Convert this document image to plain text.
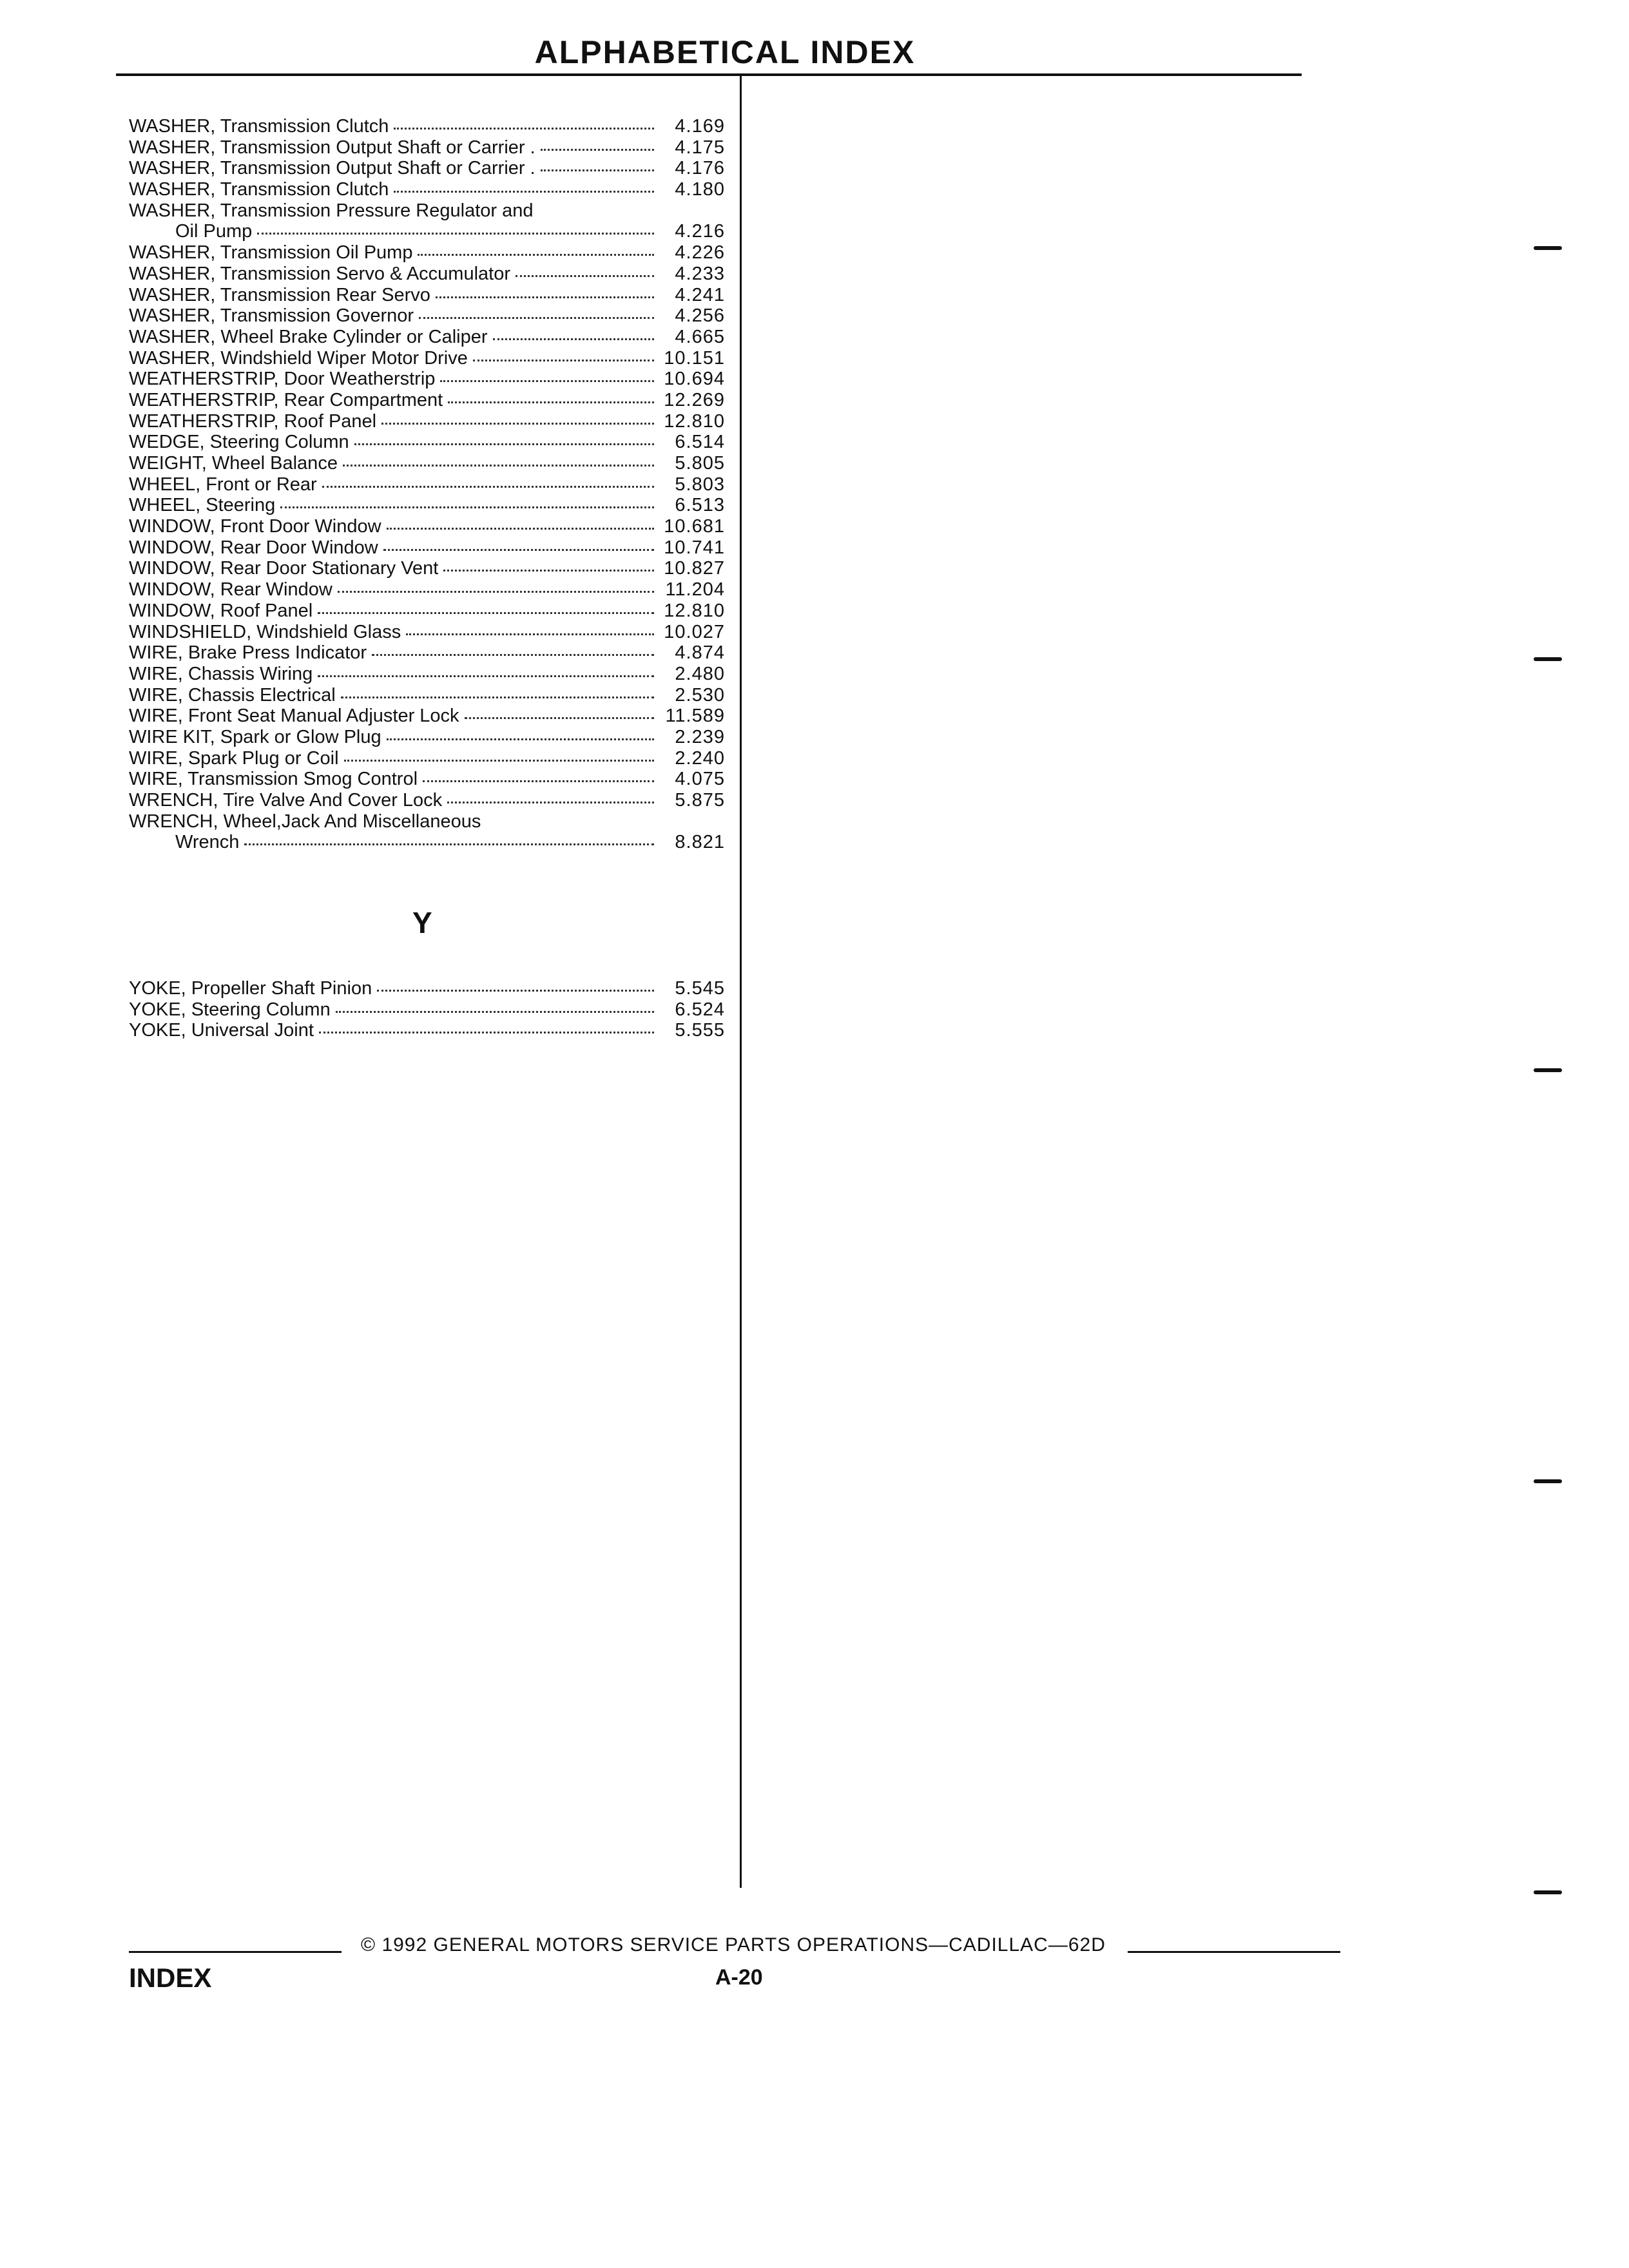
ALPHABETICAL INDEX
WASHER, Transmission Clutch	4.169
WASHER, Transmission Output Shaft or Carrier .	4.175
WASHER, Transmission Output Shaft or Carrier .	4.176
WASHER, Transmission Clutch	4.180
WASHER, Transmission Pressure Regulator and
Oil Pump	4.216
WASHER, Transmission Oil Pump	4.226
WASHER, Transmission Servo & Accumulator	4.233
WASHER, Transmission Rear Servo	4.241
WASHER, Transmission Governor	4.256
WASHER, Wheel Brake Cylinder or Caliper	4.665
WASHER, Windshield Wiper Motor Drive	10.151
WEATHERSTRIP, Door Weatherstrip	10.694
WEATHERSTRIP, Rear Compartment	12.269
WEATHERSTRIP, Roof Panel	12.810
WEDGE, Steering Column	6.514
WEIGHT, Wheel Balance	5.805
WHEEL, Front or Rear	5.803
WHEEL, Steering	6.513
WINDOW, Front Door Window	10.681
WINDOW, Rear Door Window	10.741
WINDOW, Rear Door Stationary Vent	10.827
WINDOW, Rear Window	11.204
WINDOW, Roof Panel	12.810
WINDSHIELD, Windshield Glass	10.027
WIRE, Brake Press Indicator	4.874
WIRE, Chassis Wiring	2.480
WIRE, Chassis Electrical	2.530
WIRE, Front Seat Manual Adjuster Lock	11.589
WIRE KIT, Spark or Glow Plug	2.239
WIRE, Spark Plug or Coil	2.240
WIRE, Transmission Smog Control	4.075
WRENCH, Tire Valve And Cover Lock	5.875
WRENCH, Wheel,Jack And Miscellaneous
Wrench	8.821
Y
YOKE, Propeller Shaft Pinion	5.545
YOKE, Steering Column	6.524
YOKE, Universal Joint	5.555
© 1992 GENERAL MOTORS SERVICE PARTS OPERATIONS—CADILLAC—62D
INDEX	A-20
